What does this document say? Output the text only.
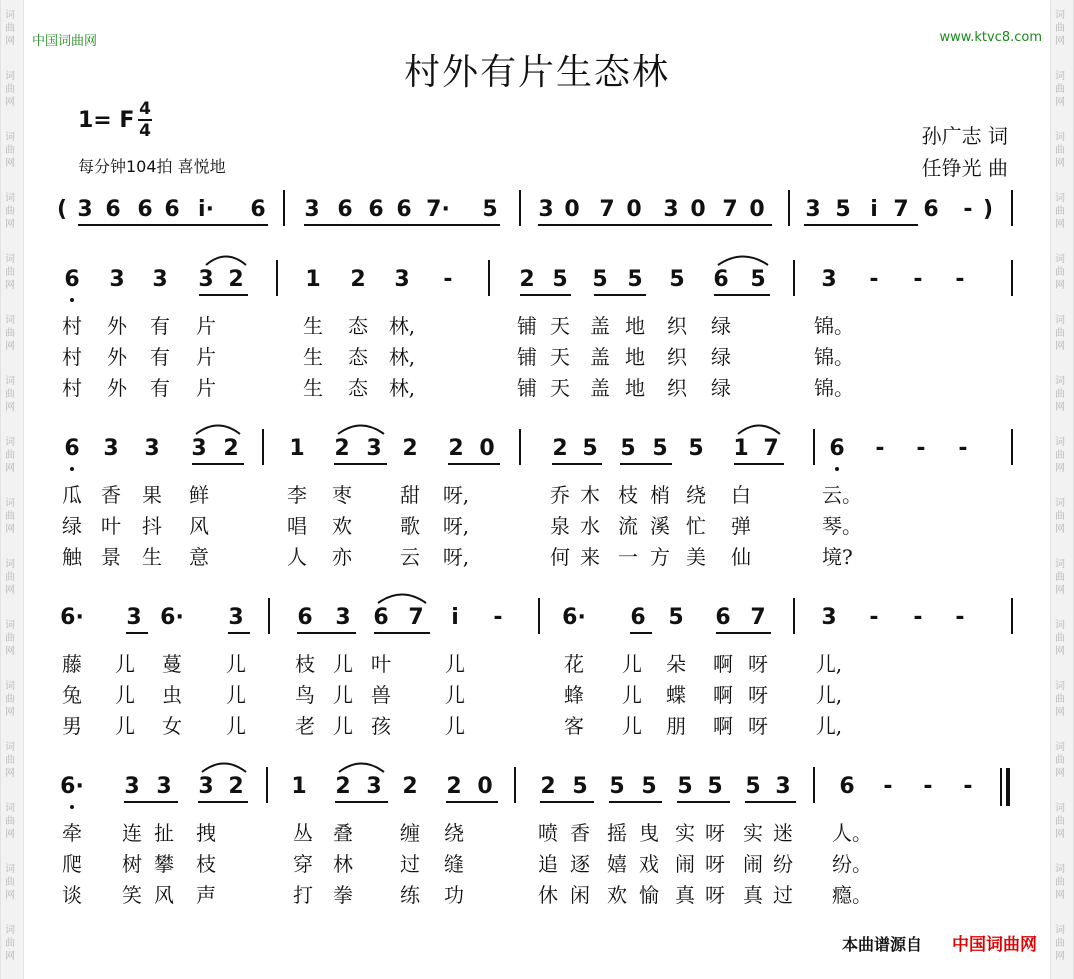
词
曲
网
词
曲
网
词
曲
网
词
曲
网
词
曲
网
词
曲
网
词
曲
网
词
曲
网
词
曲
网
词
曲
网
词
曲
网
词
曲
网
词
曲
网
词
曲
网
词
曲
网
词
曲
网
词
曲
网
词
曲
网
词
曲
网
词
曲
网
词
曲
网
词
曲
网
词
曲
网
词
曲
网
词
曲
网
词
曲
网
词
曲
网
词
曲
网
词
曲
网
词
曲
网
词
曲
网
词
曲
网
中国词曲网	www.ktvc8.com
村外有片生态林
1= F 4
4
每分钟104拍 喜悦地
孙广志 词
任铮光 曲
( 3 6 6 6 i·	6	3 6 6 6 7·	5	3 0 7 0 3 0 7 0	3 5 i 7 6	- )
6	3	3	3 2	1	2	3	-	2 5	5 5	5	6 5	3	-	-	-
村 外 有 片	生 态 林,	铺 天 盖 地 织 绿	锦。
村 外 有 片	生 态 林,	铺 天 盖 地 织 绿	锦。
村 外 有 片	生 态 林,	铺 天 盖 地 织 绿	锦。
6	3	3	3 2	1	2 3 2	2 0	2 5	5 5 5	1 7	6	-	-	-
瓜 香 果 鲜	李 枣 甜 呀,	乔 木 枝 梢 绕 白	云。
绿 叶 抖 风	唱 欢 歌 呀,	泉 水 流 溪 忙 弹	琴。
触 景 生 意	人 亦 云 呀,	何 来 一 方 美 仙	境?
6·	3 6·	3	6	3	6 7	i	-	6·	6	5	6 7	3	-	-	-
藤 儿 蔓 儿 枝 儿 叶	儿	花 儿 朵 啊 呀 儿,
兔 儿 虫 儿 鸟 儿 兽	儿	蜂 儿 蝶 啊 呀 儿,
男 儿 女 儿 老 儿 孩	儿	客 儿 朋 啊 呀 儿,
6·	3 3	3 2	1	2 3 2	2 0	2 5 5 5 5 5	5 3	6	-	-	-
牵 连 扯 拽	丛 叠 缠 绕	喷 香 摇 曳 实 呀 实 迷 人。
爬 树 攀 枝	穿 林 过 缝	追 逐 嬉 戏 闹 呀 闹 纷 纷。
谈 笑 风 声	打 拳 练 功	休 闲 欢 愉 真 呀 真 过 瘾。
本曲谱源自 中国词曲网
